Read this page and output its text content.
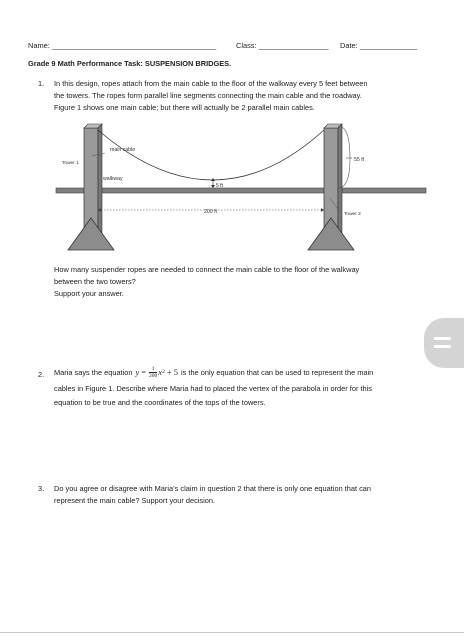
Name: ________________________________________	Class: _________________ Date: ______________
Grade 9 Math Performance Task: SUSPENSION BRIDGES.
1. In this design, ropes attach from the main cable to the floor of the walkway every 5 feet between
the towers. The ropes form parallel line segments connecting the main cable and the roadway.
Figure 1 shows one main cable; but there will actually be 2 parallel main cables.
Tower 1
main cable
walkway
55 ft
5 ft
200 ft	Tower 2
How many suspender ropes are needed to connect the main cable to the floor of the walkway
between the two towers?
Support your answer.
2. Maria says the equation $y = \frac{1}{200}$ x 2 + 5 is the only equation that can be used to represent the main
cables in Figure 1. Describe where Maria had to placed the vertex of the parabola in order for this
equation to be true and the coordinates of the tops of the towers.
3. Do you agree or disagree with Maria’s claim in question 2 that there is only one equation that can
represent the main cable? Support your decision.
